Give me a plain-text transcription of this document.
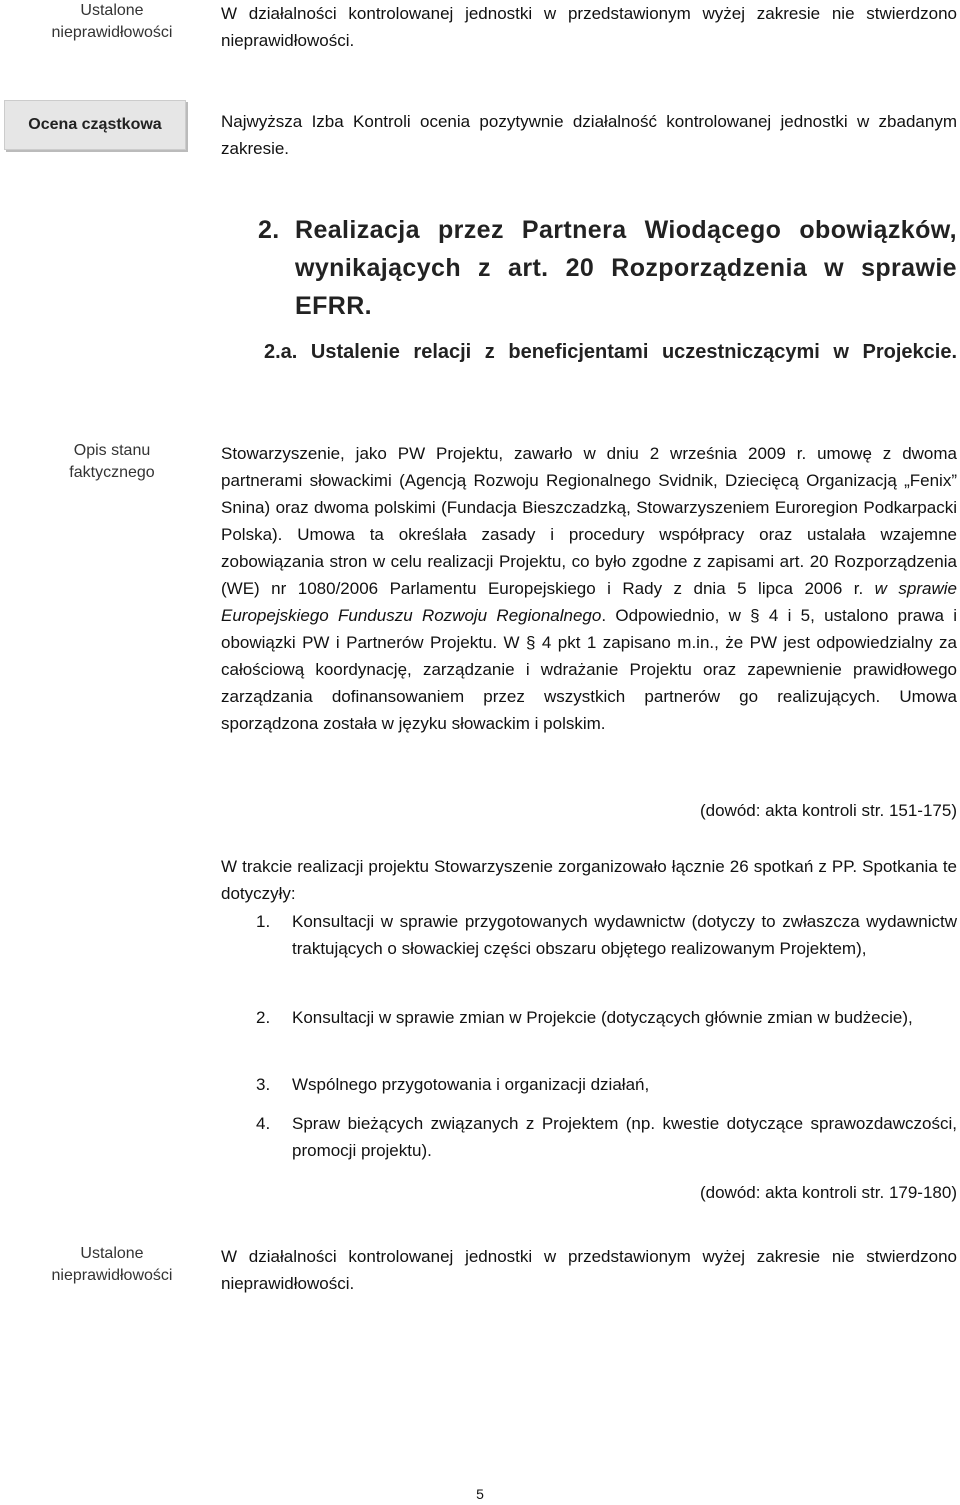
Ustalone
nieprawidłowości
W działalności kontrolowanej jednostki w przedstawionym wyżej zakresie nie stwierdzono nieprawidłowości.
Ocena cząstkowa	Najwyższa Izba Kontroli ocenia pozytywnie działalność kontrolowanej jednostki w zbadanym zakresie.
2. Realizacja przez Partnera Wiodącego obowiązków, wynikających z art. 20 Rozporządzenia w sprawie EFRR.
2.a. Ustalenie relacji z beneficjentami uczestniczącymi w Projekcie.
Opis stanu
faktycznego
Stowarzyszenie, jako PW Projektu, zawarło w dniu 2 września 2009 r. umowę z dwoma partnerami słowackimi (Agencją Rozwoju Regionalnego Svidnik, Dziecięcą Organizacją „Fenix” Snina) oraz dwoma polskimi (Fundacja Bieszczadzką, Stowarzyszeniem Euroregion Podkarpacki Polska). Umowa ta określała zasady i procedury współpracy oraz ustalała wzajemne zobowiązania stron w celu realizacji Projektu, co było zgodne z zapisami art. 20 Rozporządzenia (WE) nr 1080/2006 Parlamentu Europejskiego i Rady z dnia 5 lipca 2006 r. w sprawie Europejskiego Funduszu Rozwoju Regionalnego. Odpowiednio, w § 4 i 5, ustalono prawa i obowiązki PW i Partnerów Projektu. W § 4 pkt 1 zapisano m.in., że PW jest odpowiedzialny za całościową koordynację, zarządzanie i wdrażanie Projektu oraz zapewnienie prawidłowego zarządzania dofinansowaniem przez wszystkich partnerów go realizujących. Umowa sporządzona została w języku słowackim i polskim.
(dowód: akta kontroli str. 151-175)
W trakcie realizacji projektu Stowarzyszenie zorganizowało łącznie 26 spotkań z PP. Spotkania te dotyczyły:
1. Konsultacji w sprawie przygotowanych wydawnictw (dotyczy to zwłaszcza wydawnictw traktujących o słowackiej części obszaru objętego realizowanym Projektem),
2. Konsultacji w sprawie zmian w Projekcie (dotyczących głównie zmian w budżecie),
3. Wspólnego przygotowania i organizacji działań,
4. Spraw bieżących związanych z Projektem (np. kwestie dotyczące sprawozdawczości, promocji projektu).
(dowód: akta kontroli str. 179-180)
Ustalone
nieprawidłowości
W działalności kontrolowanej jednostki w przedstawionym wyżej zakresie nie stwierdzono nieprawidłowości.
5
